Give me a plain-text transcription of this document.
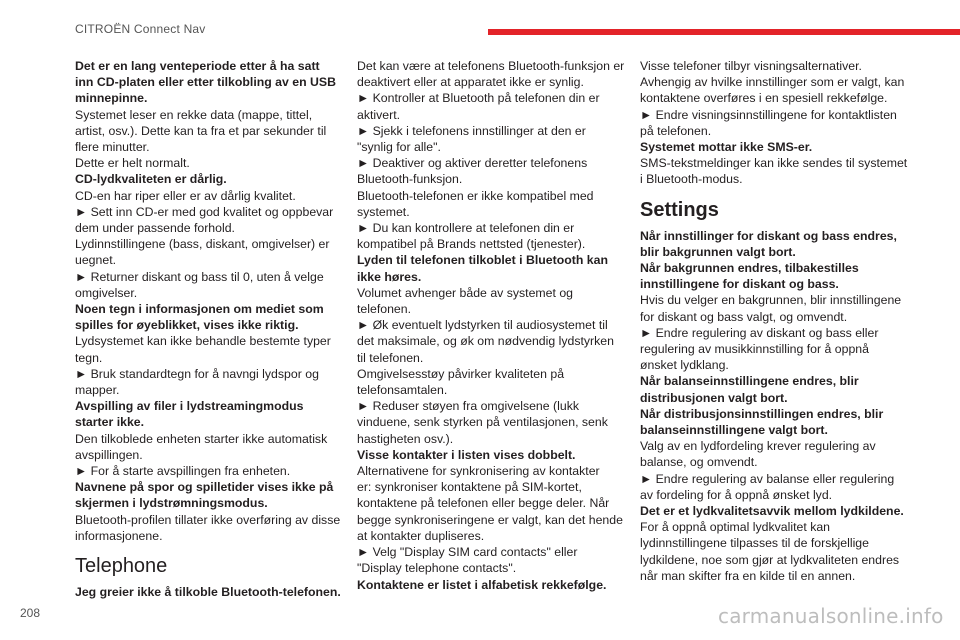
CITROËN Connect Nav
Det er en lang venteperiode etter å ha satt
inn CD-platen eller etter tilkobling av en USB
minnepinne.
Systemet leser en rekke data (mappe, tittel,
artist, osv.). Dette kan ta fra et par sekunder til
flere minutter.
Dette er helt normalt.
CD-lydkvaliteten er dårlig.
CD-en har riper eller er av dårlig kvalitet.
► Sett inn CD-er med god kvalitet og oppbevar
dem under passende forhold.
Lydinnstillingene (bass, diskant, omgivelser) er
uegnet.
► Returner diskant og bass til 0, uten å velge
omgivelser.
Noen tegn i informasjonen om mediet som
spilles for øyeblikket, vises ikke riktig.
Lydsystemet kan ikke behandle bestemte typer
tegn.
► Bruk standardtegn for å navngi lydspor og
mapper.
Avspilling av filer i lydstreamingmodus
starter ikke.
Den tilkoblede enheten starter ikke automatisk
avspillingen.
► For å starte avspillingen fra enheten.
Navnene på spor og spilletider vises ikke på
skjermen i lydstrømningsmodus.
Bluetooth-profilen tillater ikke overføring av disse
informasjonene.
Telephone
Jeg greier ikke å tilkoble Bluetooth-telefonen.
Det kan være at telefonens Bluetooth-funksjon er
deaktivert eller at apparatet ikke er synlig.
► Kontroller at Bluetooth på telefonen din er
aktivert.
► Sjekk i telefonens innstillinger at den er
"synlig for alle".
► Deaktiver og aktiver deretter telefonens
Bluetooth-funksjon.
Bluetooth-telefonen er ikke kompatibel med
systemet.
► Du kan kontrollere at telefonen din er
kompatibel på Brands nettsted (tjenester).
Lyden til telefonen tilkoblet i Bluetooth kan
ikke høres.
Volumet avhenger både av systemet og
telefonen.
► Øk eventuelt lydstyrken til audiosystemet til
det maksimale, og øk om nødvendig lydstyrken
til telefonen.
Omgivelsesstøy påvirker kvaliteten på
telefonsamtalen.
► Reduser støyen fra omgivelsene (lukk
vinduene, senk styrken på ventilasjonen, senk
hastigheten osv.).
Visse kontakter i listen vises dobbelt.
Alternativene for synkronisering av kontakter
er: synkroniser kontaktene på SIM-kortet,
kontaktene på telefonen eller begge deler. Når
begge synkroniseringene er valgt, kan det hende
at kontakter dupliseres.
► Velg "Display SIM card contacts" eller
"Display telephone contacts".
Kontaktene er listet i alfabetisk rekkefølge.
Visse telefoner tilbyr visningsalternativer.
Avhengig av hvilke innstillinger som er valgt, kan
kontaktene overføres i en spesiell rekkefølge.
► Endre visningsinnstillingene for kontaktlisten
på telefonen.
Systemet mottar ikke SMS-er.
SMS-tekstmeldinger kan ikke sendes til systemet
i Bluetooth-modus.
Settings
Når innstillinger for diskant og bass endres,
blir bakgrunnen valgt bort.
Når bakgrunnen endres, tilbakestilles
innstillingene for diskant og bass.
Hvis du velger en bakgrunnen, blir innstillingene
for diskant og bass valgt, og omvendt.
► Endre regulering av diskant og bass eller
regulering av musikkinnstilling for å oppnå
ønsket lydklang.
Når balanseinnstillingene endres, blir
distribusjonen valgt bort.
Når distribusjonsinnstillingen endres, blir
balanseinnstillingene valgt bort.
Valg av en lydfordeling krever regulering av
balanse, og omvendt.
► Endre regulering av balanse eller regulering
av fordeling for å oppnå ønsket lyd.
Det er et lydkvalitetsavvik mellom lydkildene.
For å oppnå optimal lydkvalitet kan
lydinnstillingene tilpasses til de forskjellige
lydkildene, noe som gjør at lydkvaliteten endres
når man skifter fra en kilde til en annen.
208	carmanualsonline.info
